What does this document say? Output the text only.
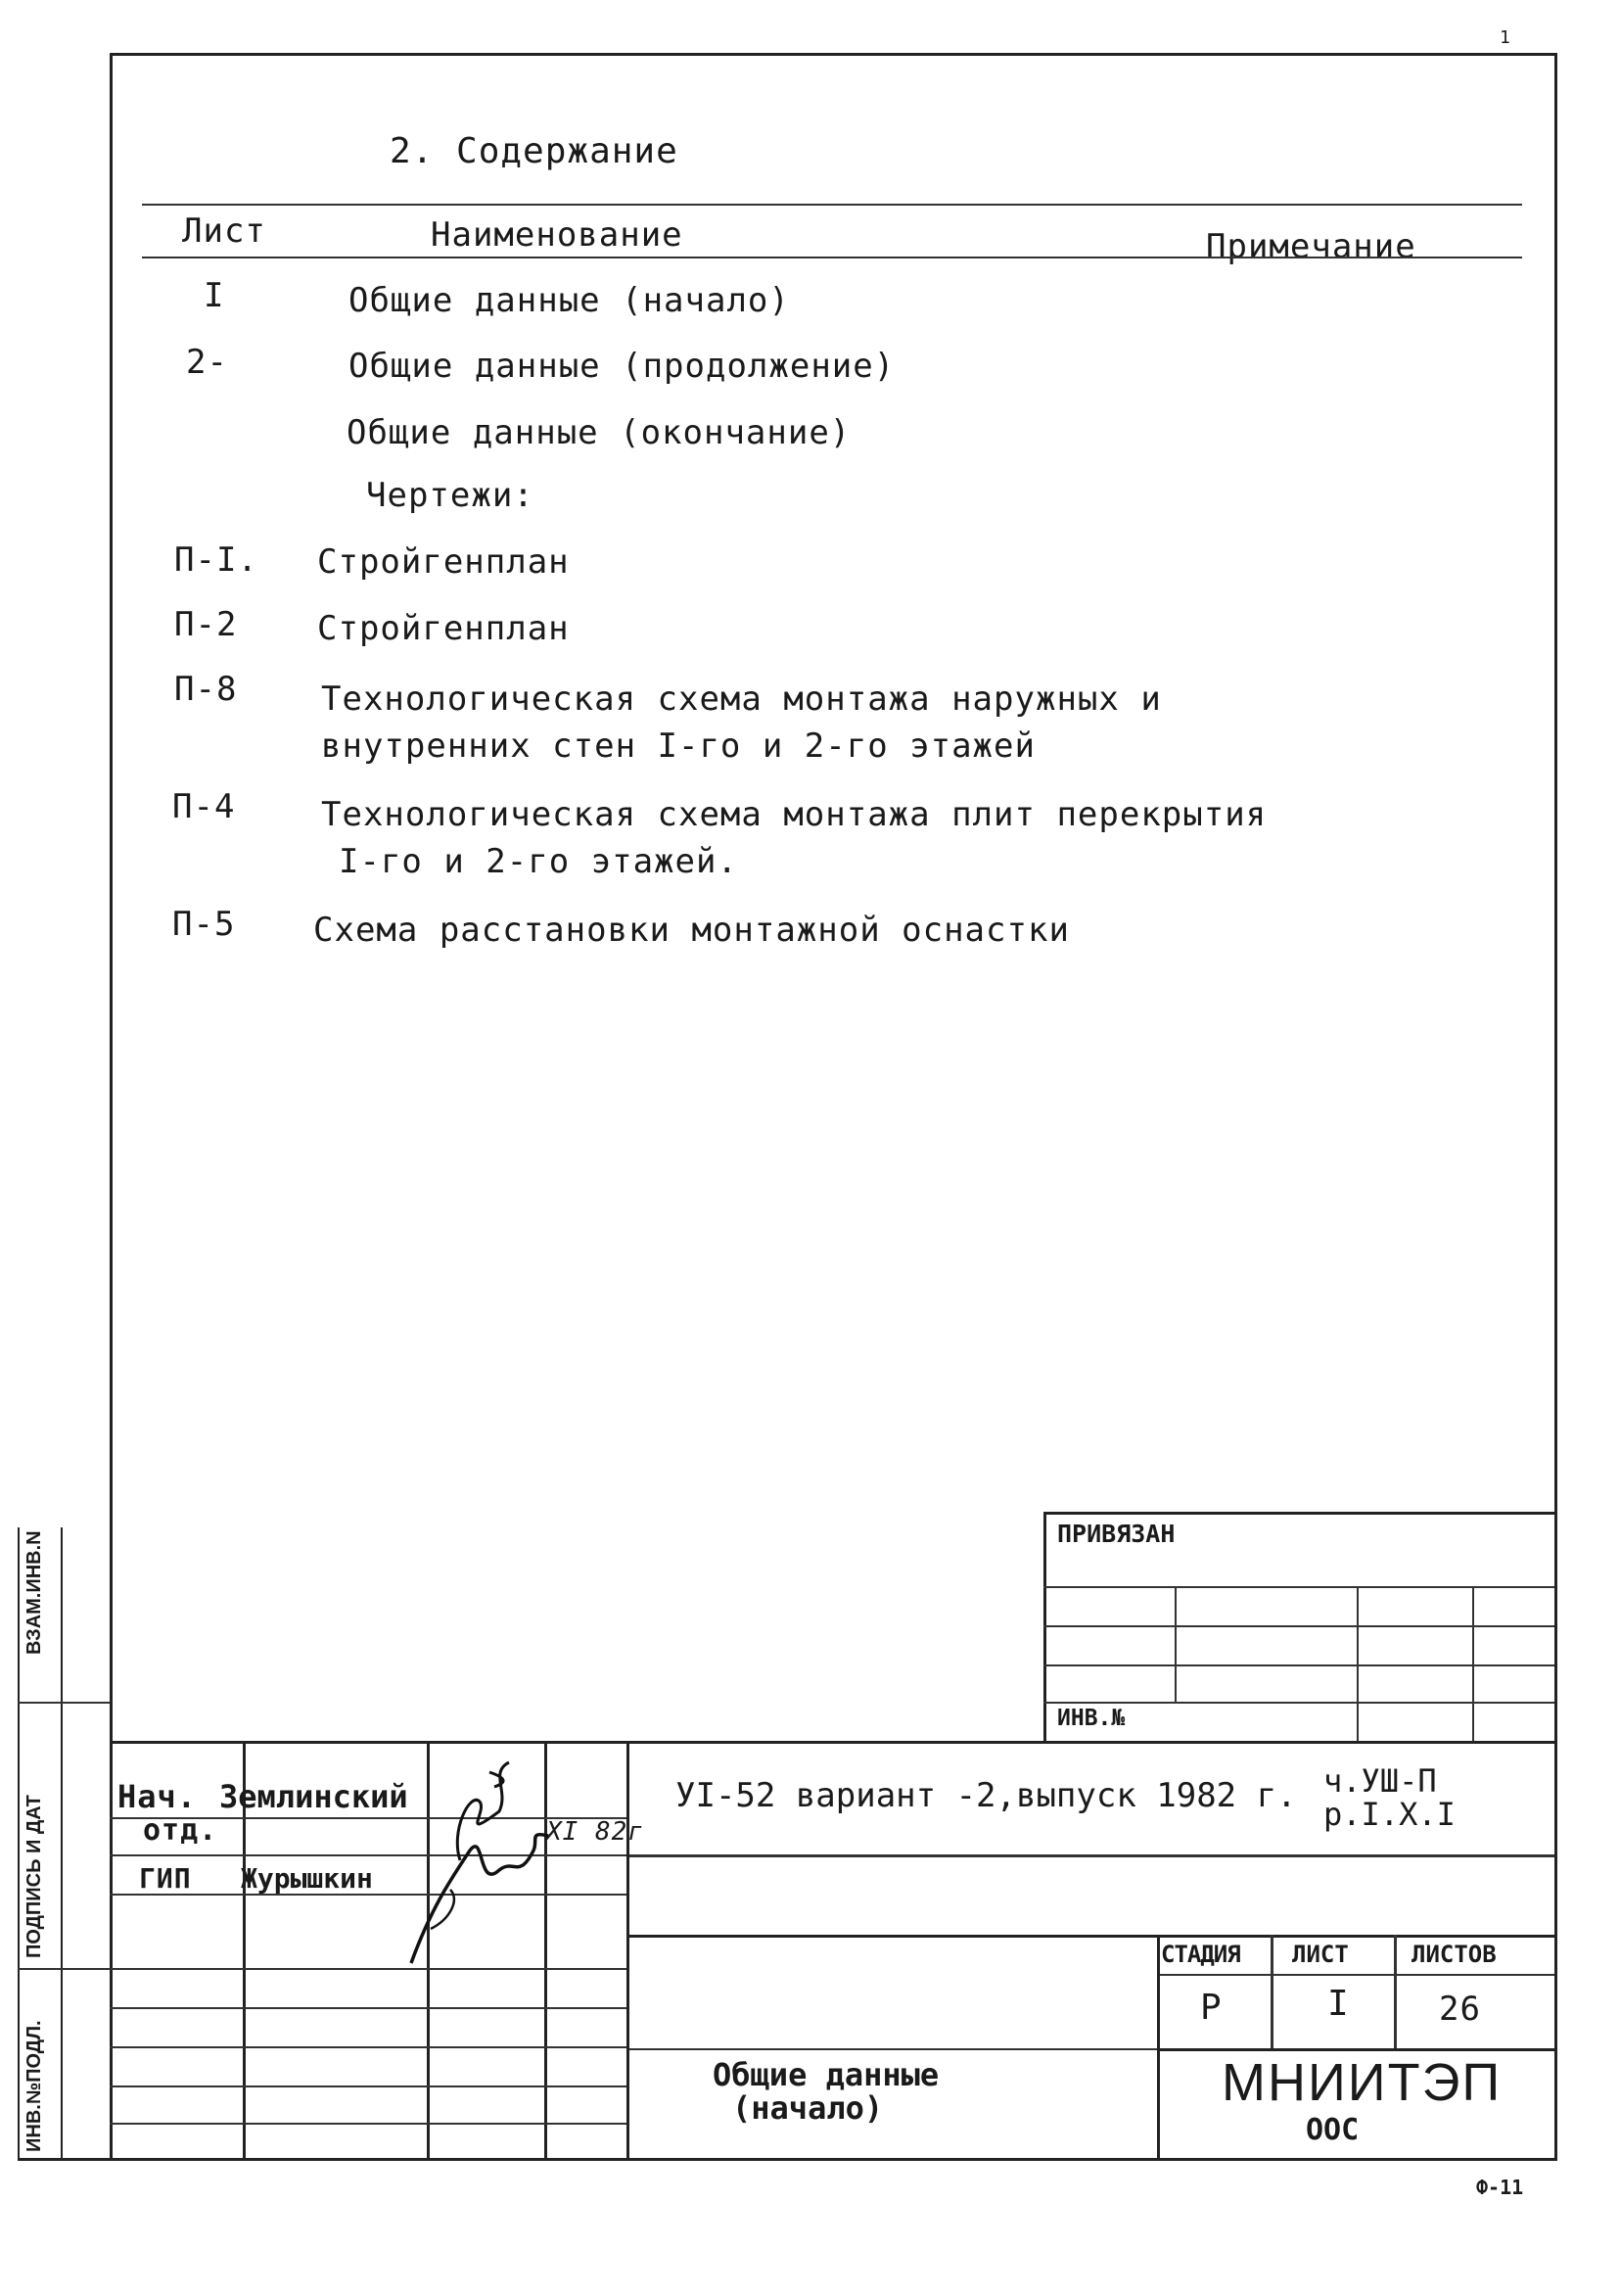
1
2. Содержание
Лист	Наименование	Примечание
I	Общие данные (начало)
2-	Общие данные (продолжение)
Общие данные (окончание)
Чертежи:
П-I. Стройгенплан
П-2 Стройгенплан
П-8	Технологическая схема монтажа наружных и
внутренних стен I-го и 2-го этажей
П-4	Технологическая схема монтажа плит перекрытия
I-го и 2-го этажей.
П-5 Схема расстановки монтажной оснастки
ПРИВЯЗАН
ИНВ.№
Нач. Землинский
отд.
ГИП Журышкин
XI 82г
УI-52 вариант -2,выпуск 1982 г. ч.УШ-П
р.I.X.I
СТАДИЯ ЛИСТ	ЛИСТОВ
Р	I	26
Общие данные
(начало)	МНИИТЭП
ООС
ВЗАМ.ИНВ.N
ПОДПИСЬ И ДАТ
ИНВ.№ПОДЛ.
Ф-11
